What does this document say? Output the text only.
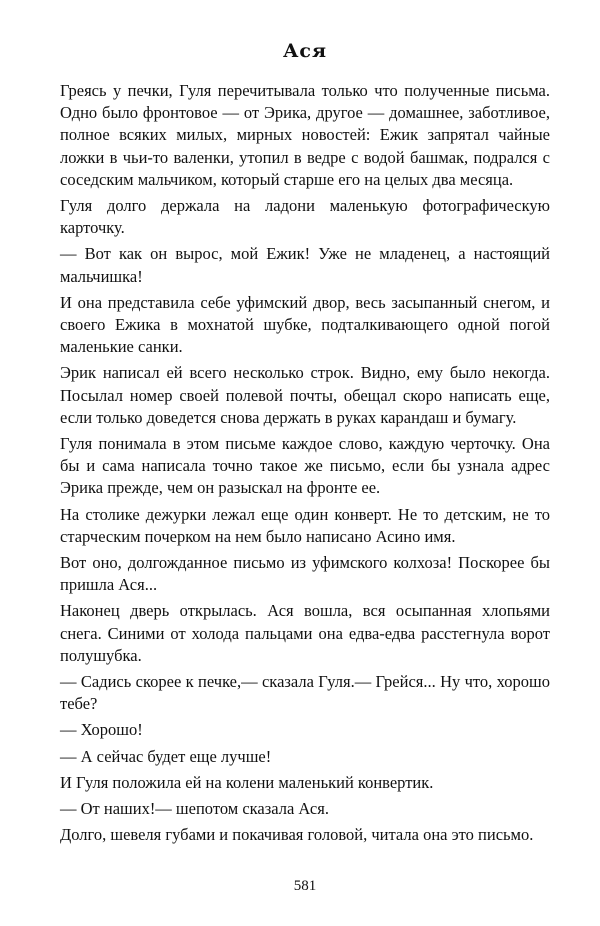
Ася

Греясь у печки, Гуля перечитывала только что полученные письма. Одно было фронтовое — от Эрика, другое — домашнее, заботливое, полное всяких милых, мирных новостей: Ежик запрятал чайные ложки в чьи-то валенки, утопил в ведре с водой башмак, подрался с соседским мальчиком, который старше его на целых два месяца.

Гуля долго держала на ладони маленькую фотографическую карточку.

— Вот как он вырос, мой Ежик! Уже не младенец, а настоящий мальчишка!

И она представила себе уфимский двор, весь засыпанный снегом, и своего Ежика в мохнатой шубке, подталкивающего одной погой маленькие санки.

Эрик написал ей всего несколько строк. Видно, ему было некогда. Посылал номер своей полевой почты, обещал скоро написать еще, если только доведется снова держать в руках карандаш и бумагу.

Гуля понимала в этом письме каждое слово, каждую черточку. Она бы и сама написала точно такое же письмо, если бы узнала адрес Эрика прежде, чем он разыскал на фронте ее.

На столике дежурки лежал еще один конверт. Не то детским, не то старческим почерком на нем было написано Асино имя.

Вот оно, долгожданное письмо из уфимского колхоза! Поскорее бы пришла Ася...

Наконец дверь открылась. Ася вошла, вся осыпанная хлопьями снега. Синими от холода пальцами она едва-едва расстегнула ворот полушубка.

— Садись скорее к печке,— сказала Гуля.— Грейся... Ну что, хорошо тебе?

— Хорошо!

— А сейчас будет еще лучше!

И Гуля положила ей на колени маленький конвертик.

— От наших!— шепотом сказала Ася.

Долго, шевеля губами и покачивая головой, читала она это письмо.

581
